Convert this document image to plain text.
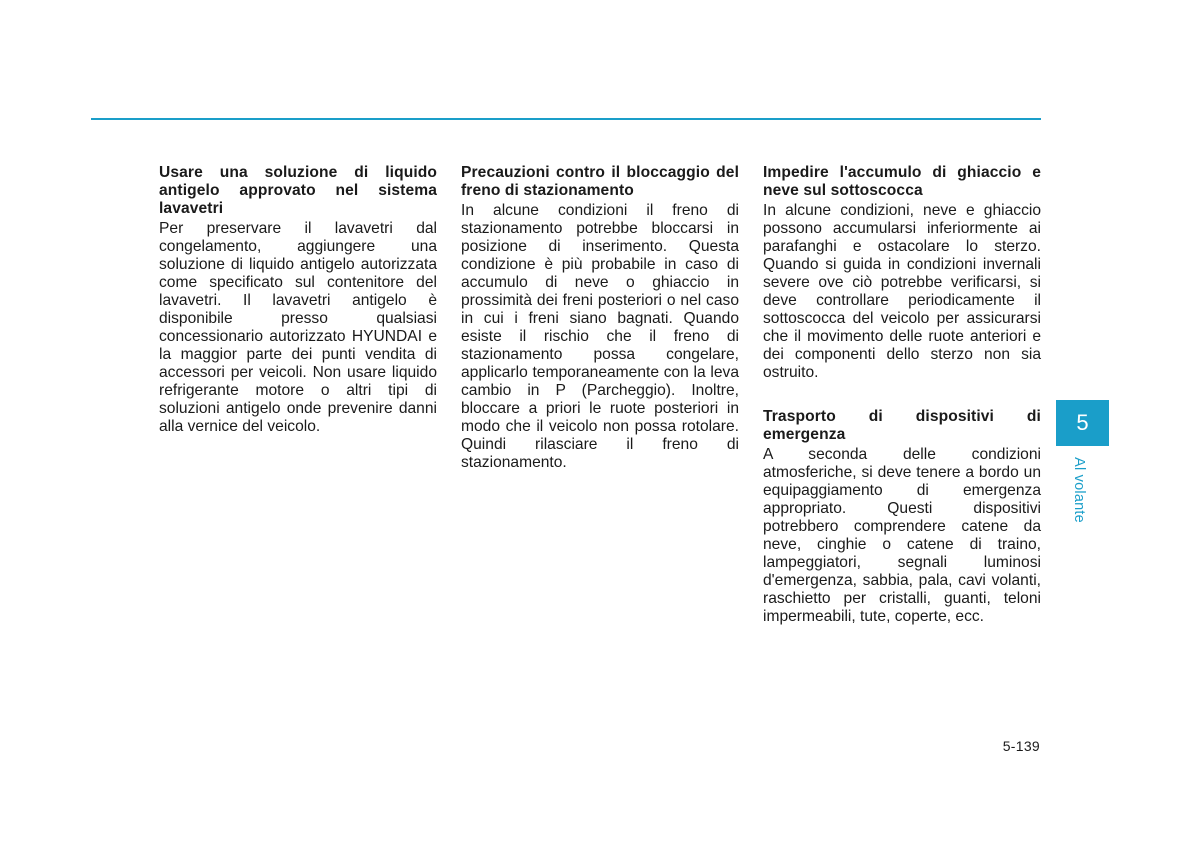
Usare una soluzione di liquido antigelo approvato nel sistema lavavetri

Per preservare il lavavetri dal congelamento, aggiungere una soluzione di liquido antigelo autorizzata come specificato sul contenitore del lavavetri. Il lavavetri antigelo è disponibile presso qualsiasi concessionario autorizzato HYUNDAI e la maggior parte dei punti vendita di accessori per veicoli. Non usare liquido refrigerante motore o altri tipi di soluzioni antigelo onde prevenire danni alla vernice del veicolo.

Precauzioni contro il bloccaggio del freno di stazionamento

In alcune condizioni il freno di stazionamento potrebbe bloccarsi in posizione di inserimento. Questa condizione è più probabile in caso di accumulo di neve o ghiaccio in prossimità dei freni posteriori o nel caso in cui i freni siano bagnati. Quando esiste il rischio che il freno di stazionamento possa congelare, applicarlo temporaneamente con la leva cambio in P (Parcheggio). Inoltre, bloccare a priori le ruote posteriori in modo che il veicolo non possa rotolare. Quindi rilasciare il freno di stazionamento.

Impedire l'accumulo di ghiaccio e neve sul sottoscocca

In alcune condizioni, neve e ghiaccio possono accumularsi inferiormente ai parafanghi e ostacolare lo sterzo. Quando si guida in condizioni invernali severe ove ciò potrebbe verificarsi, si deve controllare periodicamente il sottoscocca del veicolo per assicurarsi che il movimento delle ruote anteriori e dei componenti dello sterzo non sia ostruito.

Trasporto di dispositivi di emergenza

A seconda delle condizioni atmosferiche, si deve tenere a bordo un equipaggiamento di emergenza appropriato. Questi dispositivi potrebbero comprendere catene da neve, cinghie o catene di traino, lampeggiatori, segnali luminosi d'emergenza, sabbia, pala, cavi volanti, raschietto per cristalli, guanti, teloni impermeabili, tute, coperte, ecc.

5
Al volante
5-139
